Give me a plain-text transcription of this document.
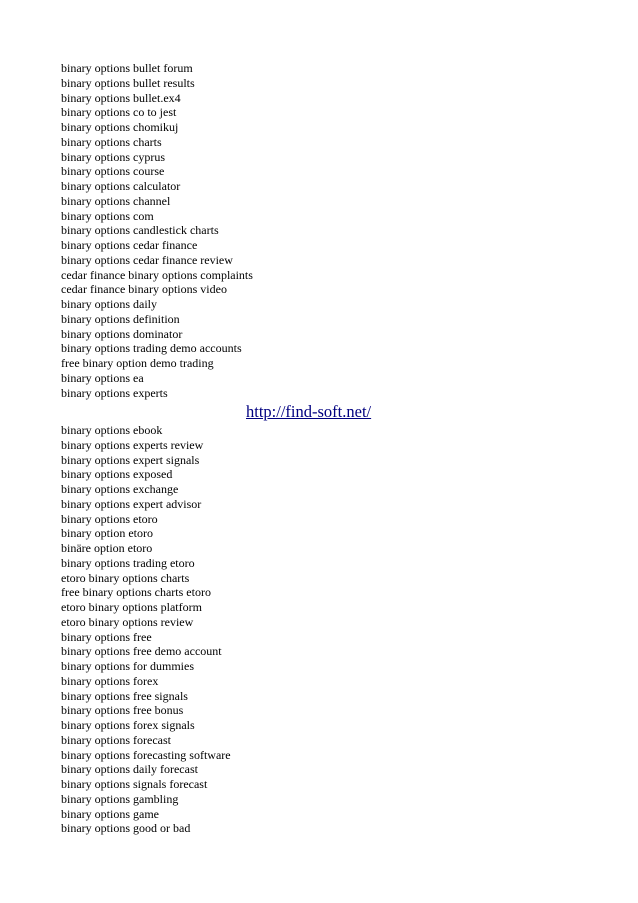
binary options bullet forum
binary options bullet results
binary options bullet.ex4
binary options co to jest
binary options chomikuj
binary options charts
binary options cyprus
binary options course
binary options calculator
binary options channel
binary options com
binary options candlestick charts
binary options cedar finance
binary options cedar finance review
cedar finance binary options complaints
cedar finance binary options video
binary options daily
binary options definition
binary options dominator
binary options trading demo accounts
free binary option demo trading
binary options ea
binary options experts
http://find-soft.net/
binary options ebook
binary options experts review
binary options expert signals
binary options exposed
binary options exchange
binary options expert advisor
binary options etoro
binary option etoro
binäre option etoro
binary options trading etoro
etoro binary options charts
free binary options charts etoro
etoro binary options platform
etoro binary options review
binary options free
binary options free demo account
binary options for dummies
binary options forex
binary options free signals
binary options free bonus
binary options forex signals
binary options forecast
binary options forecasting software
binary options daily forecast
binary options signals forecast
binary options gambling
binary options game
binary options good or bad
